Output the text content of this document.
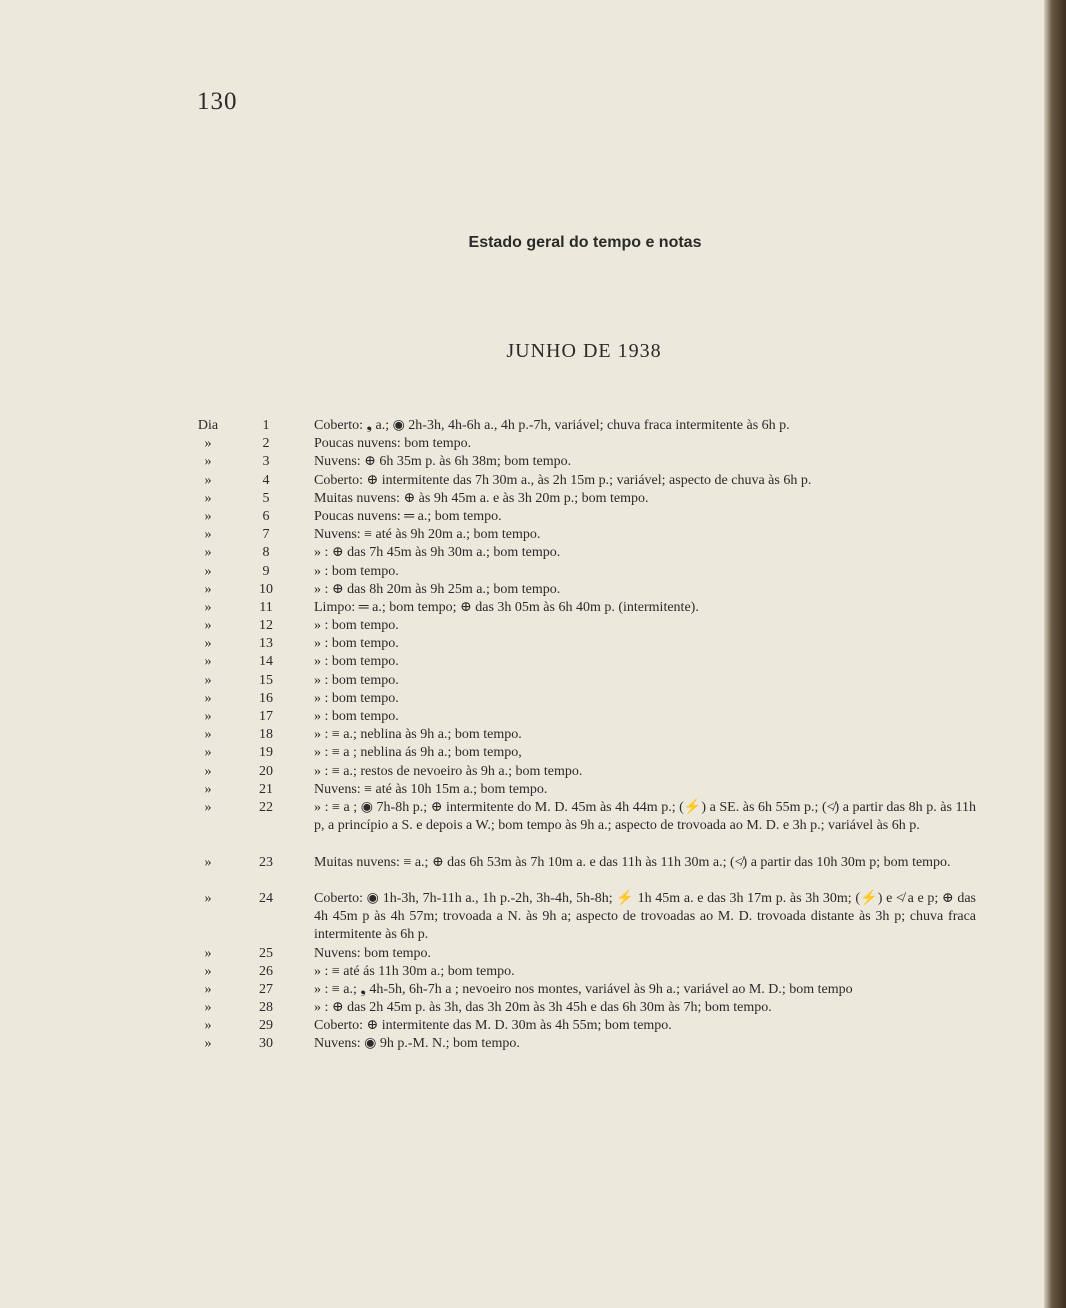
130
Estado geral do tempo e notas
JUNHO DE 1938
Dia	1	Coberto: ❟ a.; ◉ 2h-3h, 4h-6h a., 4h p.-7h, variável; chuva fraca intermitente às 6h p.
»	2	Poucas nuvens: bom tempo.
»	3	Nuvens: ⊕ 6h 35m p. às 6h 38m; bom tempo.
»	4	Coberto: ⊕ intermitente das 7h 30m a., às 2h 15m p.; variável; aspecto de chuva às 6h p.
»	5	Muitas nuvens: ⊕ às 9h 45m a. e às 3h 20m p.; bom tempo.
»	6	Poucas nuvens: ═ a.; bom tempo.
»	7	Nuvens: ≡ até às 9h 20m a.; bom tempo.
»	8	» : ⊕ das 7h 45m às 9h 30m a.; bom tempo.
»	9	» : bom tempo.
»	10	» : ⊕ das 8h 20m às 9h 25m a.; bom tempo.
»	11	Limpo: ═ a.; bom tempo; ⊕ das 3h 05m às 6h 40m p. (intermitente).
»	12	» : bom tempo.
»	13	» : bom tempo.
»	14	» : bom tempo.
»	15	» : bom tempo.
»	16	» : bom tempo.
»	17	» : bom tempo.
»	18	» : ≡ a.; neblina às 9h a.; bom tempo.
»	19	» : ≡ a ; neblina ás 9h a.; bom tempo,
»	20	» : ≡ a.; restos de nevoeiro às 9h a.; bom tempo.
»	21	Nuvens: ≡ até às 10h 15m a.; bom tempo.
»	22	» : ≡ a ; ◉ 7h-8h p.; ⊕ intermitente do M. D. 45m às 4h 44m p.; (⚡) a SE. às 6h 55m p.; (≮) a partir das 8h p. às 11h p, a princípio a S. e depois a W.; bom tempo às 9h a.; aspecto de trovoada ao M. D. e 3h p.; variável às 6h p.
»	23	Muitas nuvens: ≡ a.; ⊕ das 6h 53m às 7h 10m a. e das 11h às 11h 30m a.; (≮) a partir das 10h 30m p; bom tempo.
»	24	Coberto: ◉ 1h-3h, 7h-11h a., 1h p.-2h, 3h-4h, 5h-8h; ⚡ 1h 45m a. e das 3h 17m p. às 3h 30m; (⚡) e ≮ a e p; ⊕ das 4h 45m p às 4h 57m; trovoada a N. às 9h a; aspecto de trovoadas ao M. D. trovoada distante às 3h p; chuva fraca intermitente às 6h p.
»	25	Nuvens: bom tempo.
»	26	» : ≡ até ás 11h 30m a.; bom tempo.
»	27	» : ≡ a.; ❟ 4h-5h, 6h-7h a ; nevoeiro nos montes, variável às 9h a.; variável ao M. D.; bom tempo
»	28	» : ⊕ das 2h 45m p. às 3h, das 3h 20m às 3h 45h e das 6h 30m às 7h; bom tempo.
»	29	Coberto: ⊕ intermitente das M. D. 30m às 4h 55m; bom tempo.
»	30	Nuvens: ◉ 9h p.-M. N.; bom tempo.
